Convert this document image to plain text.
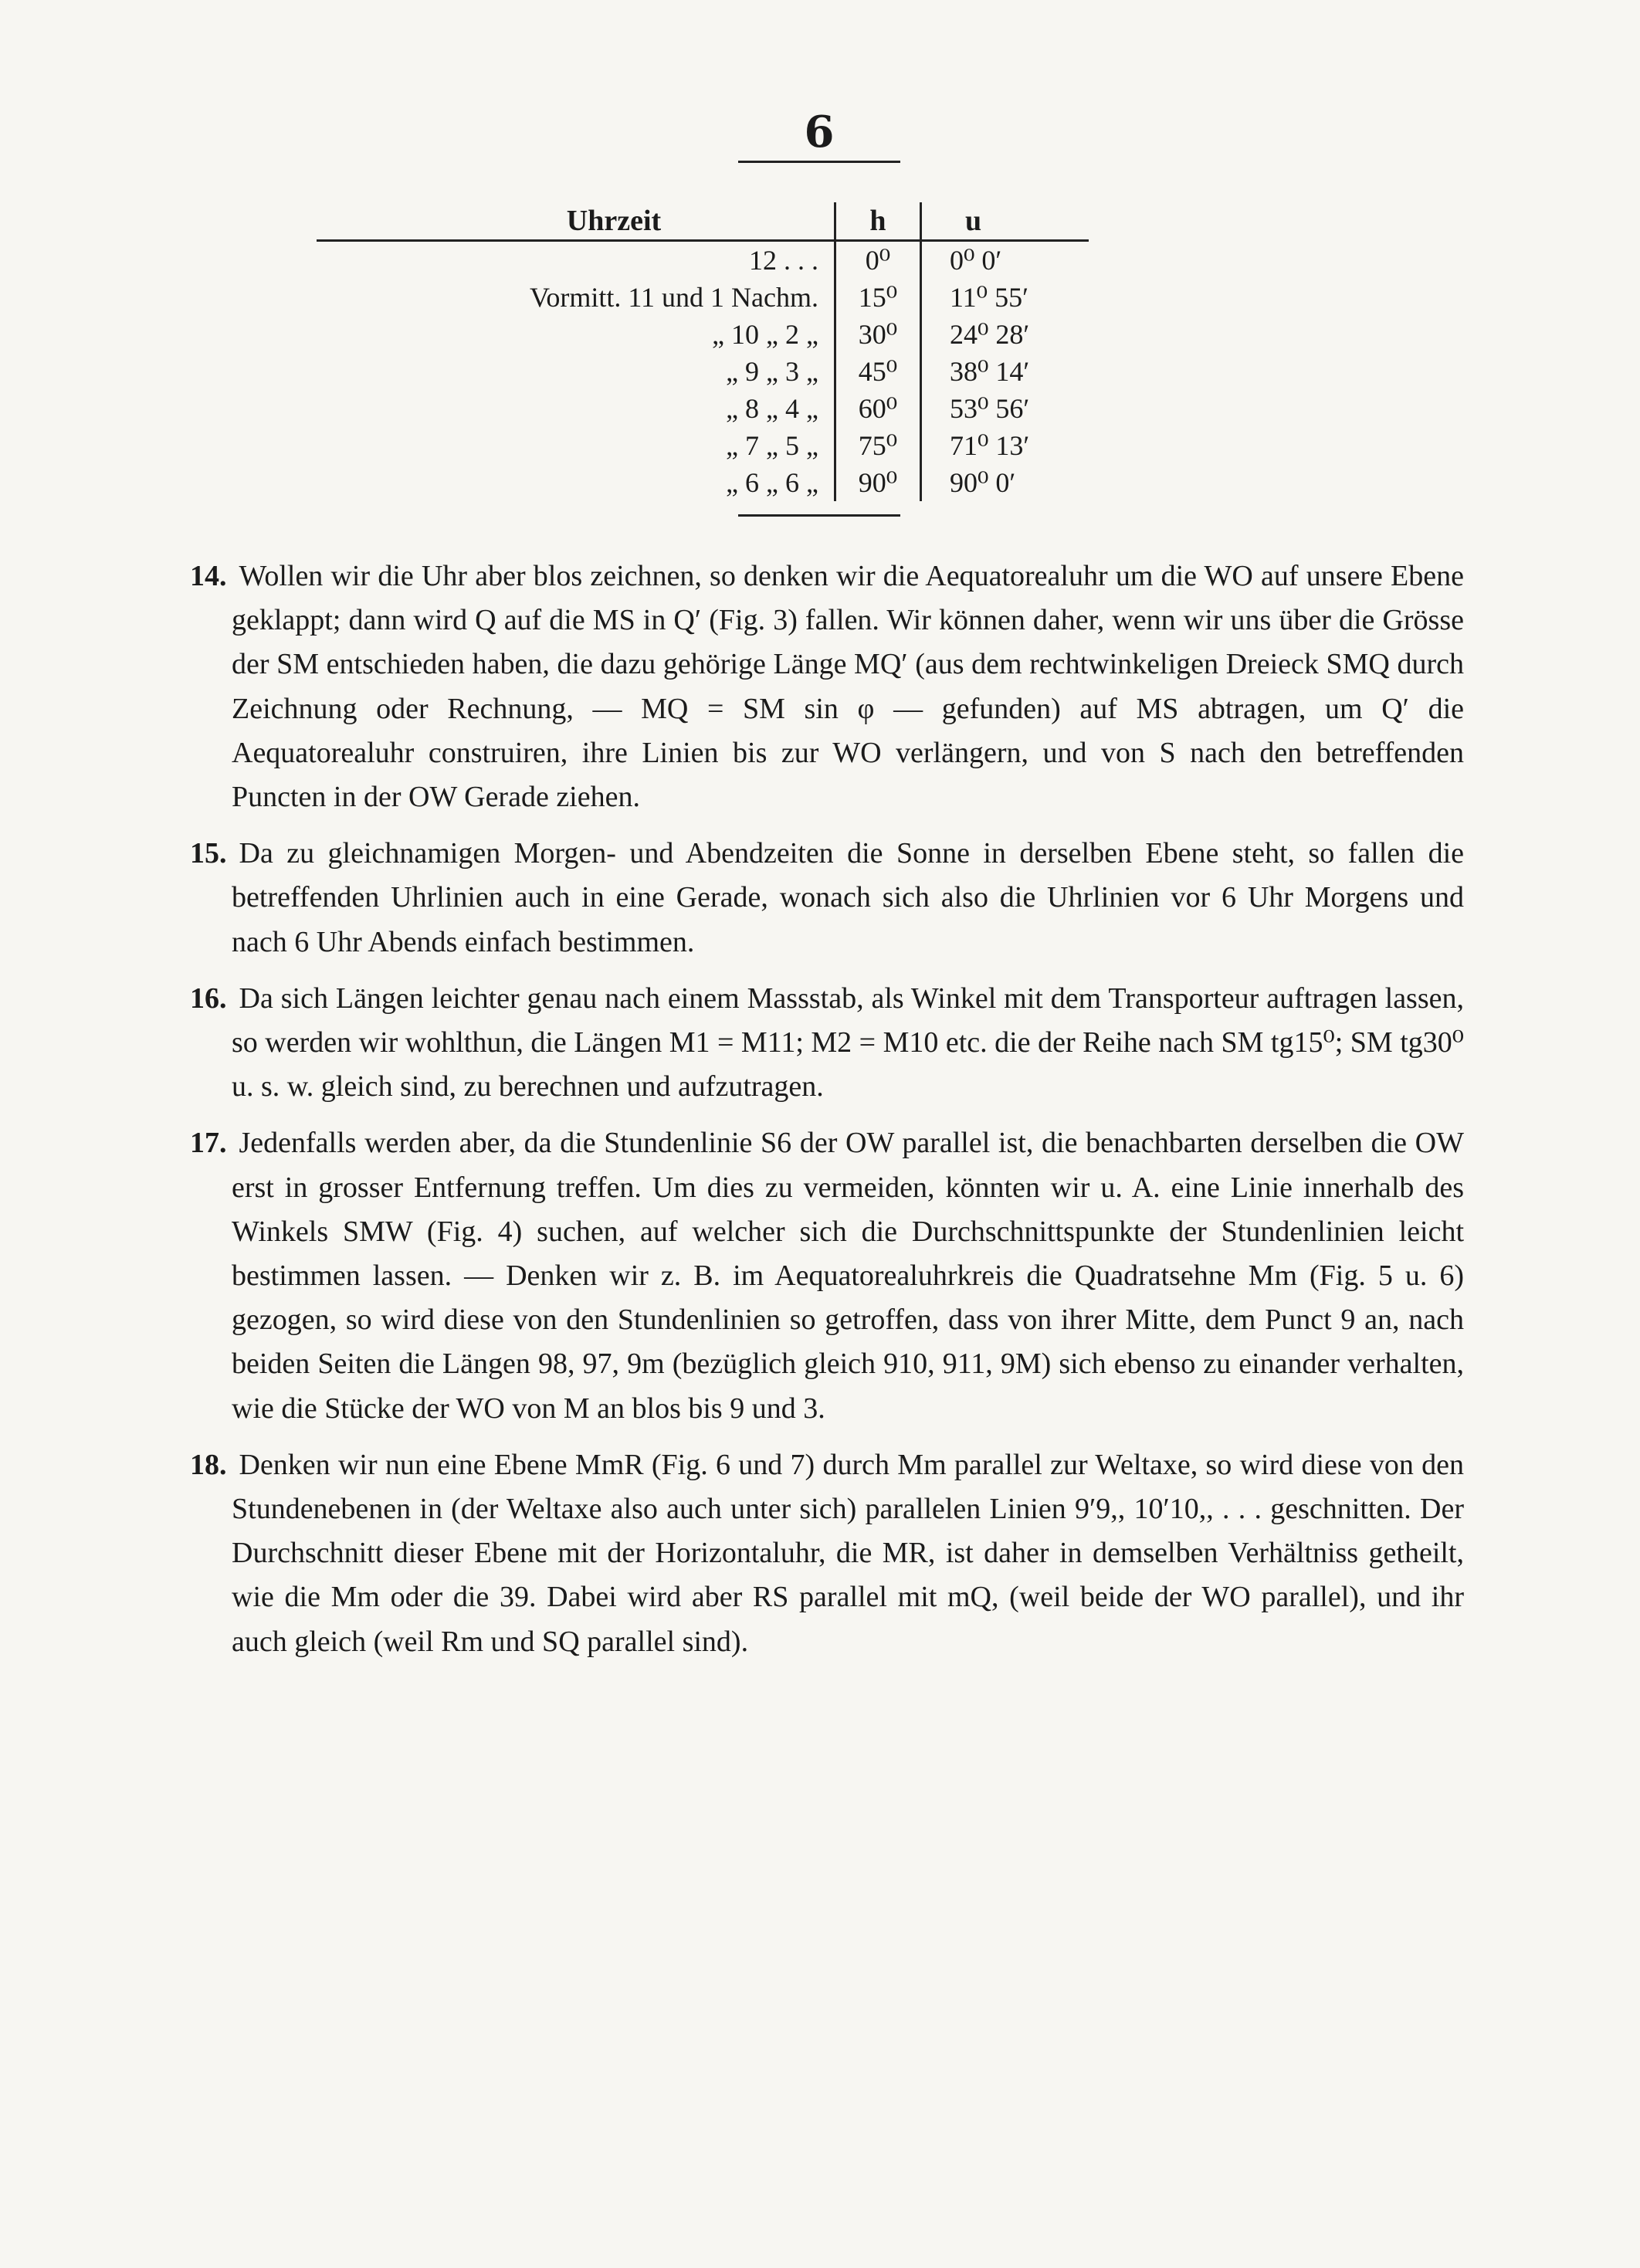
6
Uhrzeit	h	u
12 . . .	0⁰	0⁰ 0′
Vormitt. 11 und 1 Nachm.	15⁰	11⁰ 55′
„ 10 „ 2 „	30⁰	24⁰ 28′
„ 9 „ 3 „	45⁰	38⁰ 14′
„ 8 „ 4 „	60⁰	53⁰ 56′
„ 7 „ 5 „	75⁰	71⁰ 13′
„ 6 „ 6 „	90⁰	90⁰ 0′

14. Wollen wir die Uhr aber blos zeichnen, so denken wir die Aequatorealuhr um die WO auf unsere Ebene geklappt; dann wird Q auf die MS in Q′ (Fig. 3) fallen. Wir können daher, wenn wir uns über die Grösse der SM entschieden haben, die dazu gehörige Länge MQ′ (aus dem rechtwinkeligen Dreieck SMQ durch Zeichnung oder Rechnung, — MQ = SM sin φ — gefunden) auf MS abtragen, um Q′ die Aequatorealuhr construiren, ihre Linien bis zur WO verlängern, und von S nach den betreffenden Puncten in der OW Gerade ziehen.

15. Da zu gleichnamigen Morgen- und Abendzeiten die Sonne in derselben Ebene steht, so fallen die betreffenden Uhrlinien auch in eine Gerade, wonach sich also die Uhrlinien vor 6 Uhr Morgens und nach 6 Uhr Abends einfach bestimmen.

16. Da sich Längen leichter genau nach einem Massstab, als Winkel mit dem Transporteur auftragen lassen, so werden wir wohlthun, die Längen M1 = M11; M2 = M10 etc. die der Reihe nach SM tg15⁰; SM tg30⁰ u. s. w. gleich sind, zu berechnen und aufzutragen.

17. Jedenfalls werden aber, da die Stundenlinie S6 der OW parallel ist, die benachbarten derselben die OW erst in grosser Entfernung treffen. Um dies zu vermeiden, könnten wir u. A. eine Linie innerhalb des Winkels SMW (Fig. 4) suchen, auf welcher sich die Durchschnittspunkte der Stundenlinien leicht bestimmen lassen. — Denken wir z. B. im Aequatorealuhrkreis die Quadratsehne Mm (Fig. 5 u. 6) gezogen, so wird diese von den Stundenlinien so getroffen, dass von ihrer Mitte, dem Punct 9 an, nach beiden Seiten die Längen 98, 97, 9m (bezüglich gleich 910, 911, 9M) sich ebenso zu einander verhalten, wie die Stücke der WO von M an blos bis 9 und 3.

18. Denken wir nun eine Ebene MmR (Fig. 6 und 7) durch Mm parallel zur Weltaxe, so wird diese von den Stundenebenen in (der Weltaxe also auch unter sich) parallelen Linien 9′9,, 10′10,, . . . geschnitten. Der Durchschnitt dieser Ebene mit der Horizontaluhr, die MR, ist daher in demselben Verhältniss getheilt, wie die Mm oder die 39. Dabei wird aber RS parallel mit mQ, (weil beide der WO parallel), und ihr auch gleich (weil Rm und SQ parallel sind).
